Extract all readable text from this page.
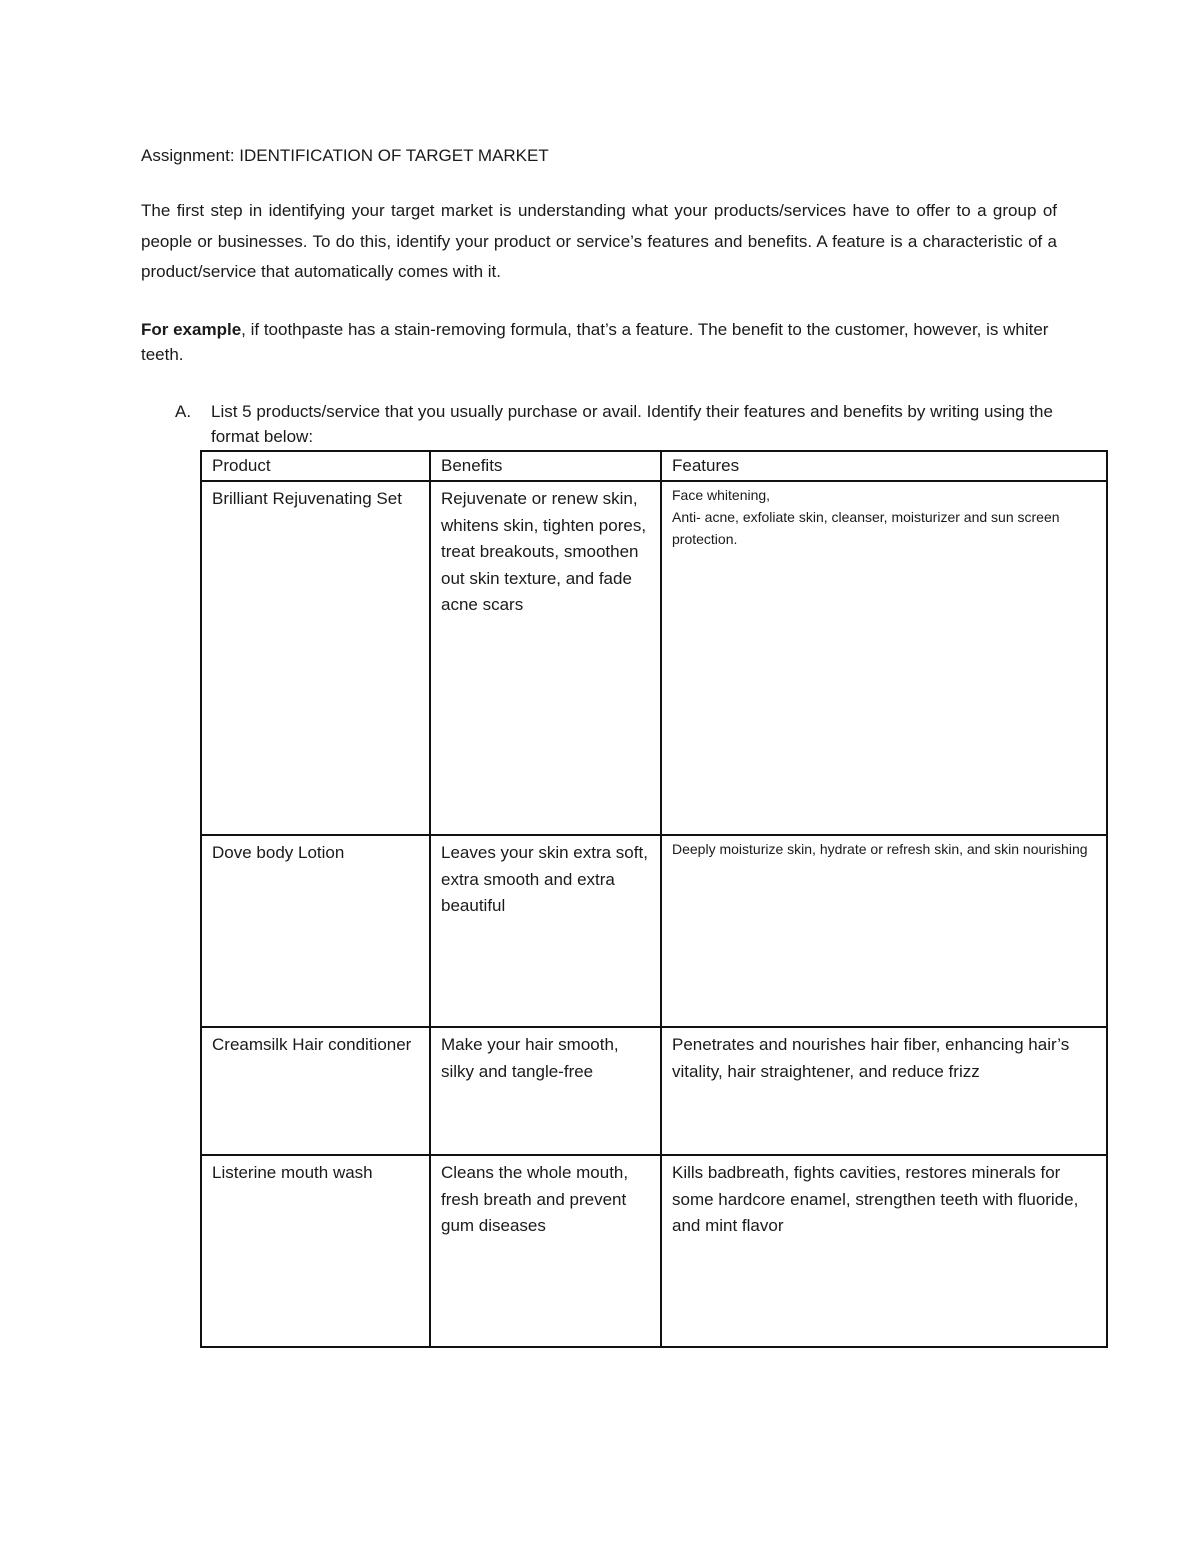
Assignment: IDENTIFICATION OF TARGET MARKET
The first step in identifying your target market is understanding what your products/services have to offer to a group of people or businesses. To do this, identify your product or service’s features and benefits. A feature is a characteristic of a product/service that automatically comes with it.
For example, if toothpaste has a stain-removing formula, that’s a feature. The benefit to the customer, however, is whiter teeth.
A. List 5 products/service that you usually purchase or avail. Identify their features and benefits by writing using the format below:
Product	Benefits	Features
Brilliant Rejuvenating Set	Rejuvenate or renew skin, whitens skin, tighten pores, treat breakouts, smoothen out skin texture, and fade acne scars	Face whitening,
Anti- acne, exfoliate skin, cleanser, moisturizer and sun screen protection.

Dove body Lotion	Leaves your skin extra soft, extra smooth and extra beautiful	Deeply moisturize skin, hydrate or refresh skin, and skin nourishing
Creamsilk Hair conditioner	Make your hair smooth, silky and tangle-free	Penetrates and nourishes hair fiber, enhancing hair’s vitality, hair straightener, and reduce frizz
Listerine mouth wash	Cleans the whole mouth, fresh breath and prevent gum diseases	Kills badbreath, fights cavities, restores minerals for some hardcore enamel, strengthen teeth with fluoride, and mint flavor
